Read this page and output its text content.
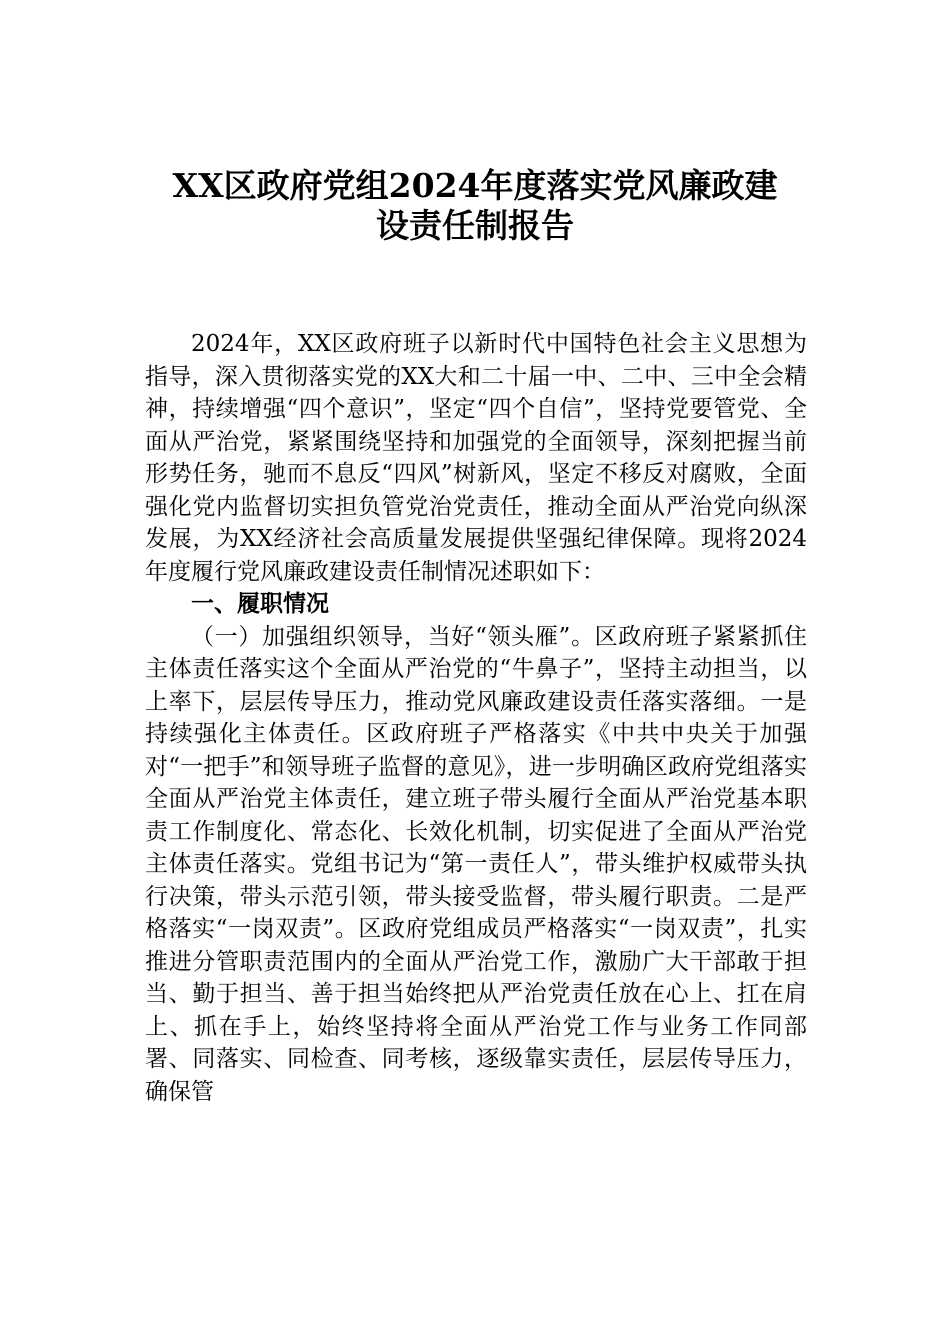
XX区政府党组2024年度落实党风廉政建
设责任制报告

2024年，XX区政府班子以新时代中国特色社会主义思想为指导，深入贯彻落实党的XX大和二十届一中、二中、三中全会精神，持续增强“四个意识”，坚定“四个自信”，坚持党要管党、全面从严治党，紧紧围绕坚持和加强党的全面领导，深刻把握当前形势任务，驰而不息反“四风”树新风，坚定不移反对腐败，全面强化党内监督切实担负管党治党责任，推动全面从严治党向纵深发展，为XX经济社会高质量发展提供坚强纪律保障。现将2024年度履行党风廉政建设责任制情况述职如下：

一、履职情况

（一）加强组织领导，当好“领头雁”。区政府班子紧紧抓住主体责任落实这个全面从严治党的“牛鼻子”，坚持主动担当，以上率下，层层传导压力，推动党风廉政建设责任落实落细。一是持续强化主体责任。区政府班子严格落实《中共中央关于加强对“一把手”和领导班子监督的意见》，进一步明确区政府党组落实全面从严治党主体责任，建立班子带头履行全面从严治党基本职责工作制度化、常态化、长效化机制，切实促进了全面从严治党主体责任落实。党组书记为“第一责任人”，带头维护权威带头执行决策，带头示范引领，带头接受监督，带头履行职责。二是严格落实“一岗双责”。区政府党组成员严格落实“一岗双责”，扎实推进分管职责范围内的全面从严治党工作，激励广大干部敢于担当、勤于担当、善于担当始终把从严治党责任放在心上、扛在肩上、抓在手上，始终坚持将全面从严治党工作与业务工作同部署、同落实、同检查、同考核，逐级靠实责任，层层传导压力，确保管
